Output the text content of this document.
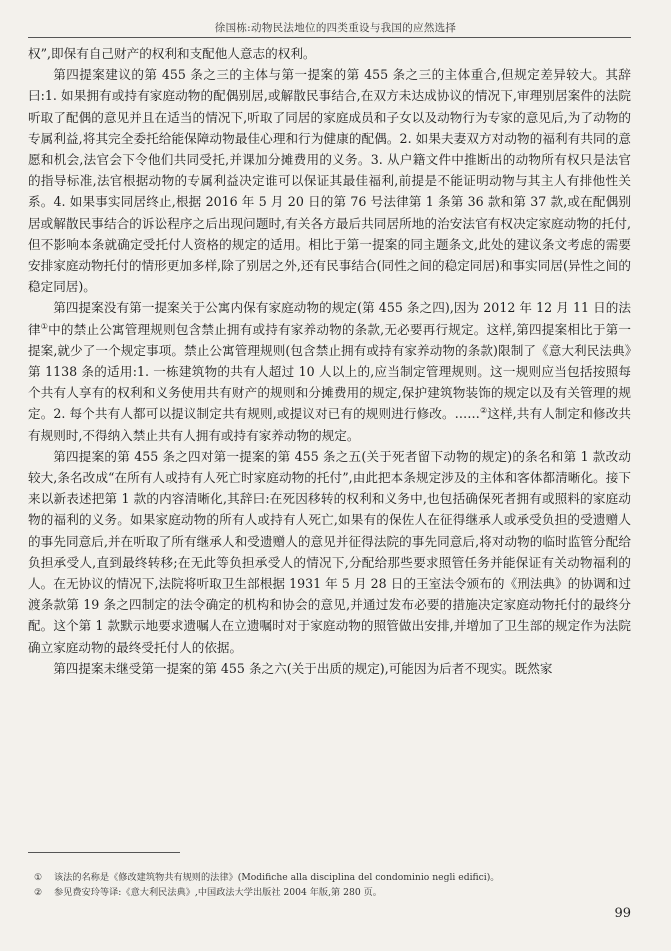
徐国栋:动物民法地位的四类重设与我国的应然选择

权”,即保有自己财产的权利和支配他人意志的权利。

第四提案建议的第 455 条之三的主体与第一提案的第 455 条之三的主体重合,但规定差异较大。其辞曰:1. 如果拥有或持有家庭动物的配偶别居,或解散民事结合,在双方未达成协议的情况下,审理别居案件的法院听取了配偶的意见并且在适当的情况下,听取了同居的家庭成员和子女以及动物行为专家的意见后,为了动物的专属利益,将其完全委托给能保障动物最佳心理和行为健康的配偶。2. 如果夫妻双方对动物的福利有共同的意愿和机会,法官会下令他们共同受托,并课加分摊费用的义务。3. 从户籍文件中推断出的动物所有权只是法官的指导标准,法官根据动物的专属利益决定谁可以保证其最佳福利,前提是不能证明动物与其主人有排他性关系。4. 如果事实同居终止,根据 2016 年 5 月 20 日的第 76 号法律第 1 条第 36 款和第 37 款,或在配偶别居或解散民事结合的诉讼程序之后出现问题时,有关各方最后共同居所地的治安法官有权决定家庭动物的托付,但不影响本条就确定受托付人资格的规定的适用。相比于第一提案的同主题条文,此处的建议条文考虑的需要安排家庭动物托付的情形更加多样,除了别居之外,还有民事结合(同性之间的稳定同居)和事实同居(异性之间的稳定同居)。

第四提案没有第一提案关于公寓内保有家庭动物的规定(第 455 条之四),因为 2012 年 12 月 11 日的法律①中的禁止公寓管理规则包含禁止拥有或持有家养动物的条款,无必要再行规定。这样,第四提案相比于第一提案,就少了一个规定事项。禁止公寓管理规则(包含禁止拥有或持有家养动物的条款)限制了《意大利民法典》第 1138 条的适用:1. 一栋建筑物的共有人超过 10 人以上的,应当制定管理规则。这一规则应当包括按照每个共有人享有的权利和义务使用共有财产的规则和分摊费用的规定,保护建筑物装饰的规定以及有关管理的规定。2. 每个共有人都可以提议制定共有规则,或提议对已有的规则进行修改。……②这样,共有人制定和修改共有规则时,不得纳入禁止共有人拥有或持有家养动物的规定。

第四提案的第 455 条之四对第一提案的第 455 条之五(关于死者留下动物的规定)的条名和第 1 款改动较大,条名改成“在所有人或持有人死亡时家庭动物的托付”,由此把本条规定涉及的主体和客体都清晰化。接下来以新表述把第 1 款的内容清晰化,其辞曰:在死因移转的权利和义务中,也包括确保死者拥有或照料的家庭动物的福利的义务。如果家庭动物的所有人或持有人死亡,如果有的保佐人在征得继承人或承受负担的受遗赠人的事先同意后,并在听取了所有继承人和受遗赠人的意见并征得法院的事先同意后,将对动物的临时监管分配给负担承受人,直到最终转移;在无此等负担承受人的情况下,分配给那些要求照管任务并能保证有关动物福利的人。在无协议的情况下,法院将听取卫生部根据 1931 年 5 月 28 日的王室法令颁布的《刑法典》的协调和过渡条款第 19 条之四制定的法令确定的机构和协会的意见,并通过发布必要的措施决定家庭动物托付的最终分配。这个第 1 款默示地要求遗嘱人在立遗嘱时对于家庭动物的照管做出安排,并增加了卫生部的规定作为法院确立家庭动物的最终受托付人的依据。

第四提案未继受第一提案的第 455 条之六(关于出质的规定),可能因为后者不现实。既然家

① 该法的名称是《修改建筑物共有规则的法律》(Modifiche alla disciplina del condominio negli edifici)。
② 参见费安玲等译:《意大利民法典》,中国政法大学出版社 2004 年版,第 280 页。
99
